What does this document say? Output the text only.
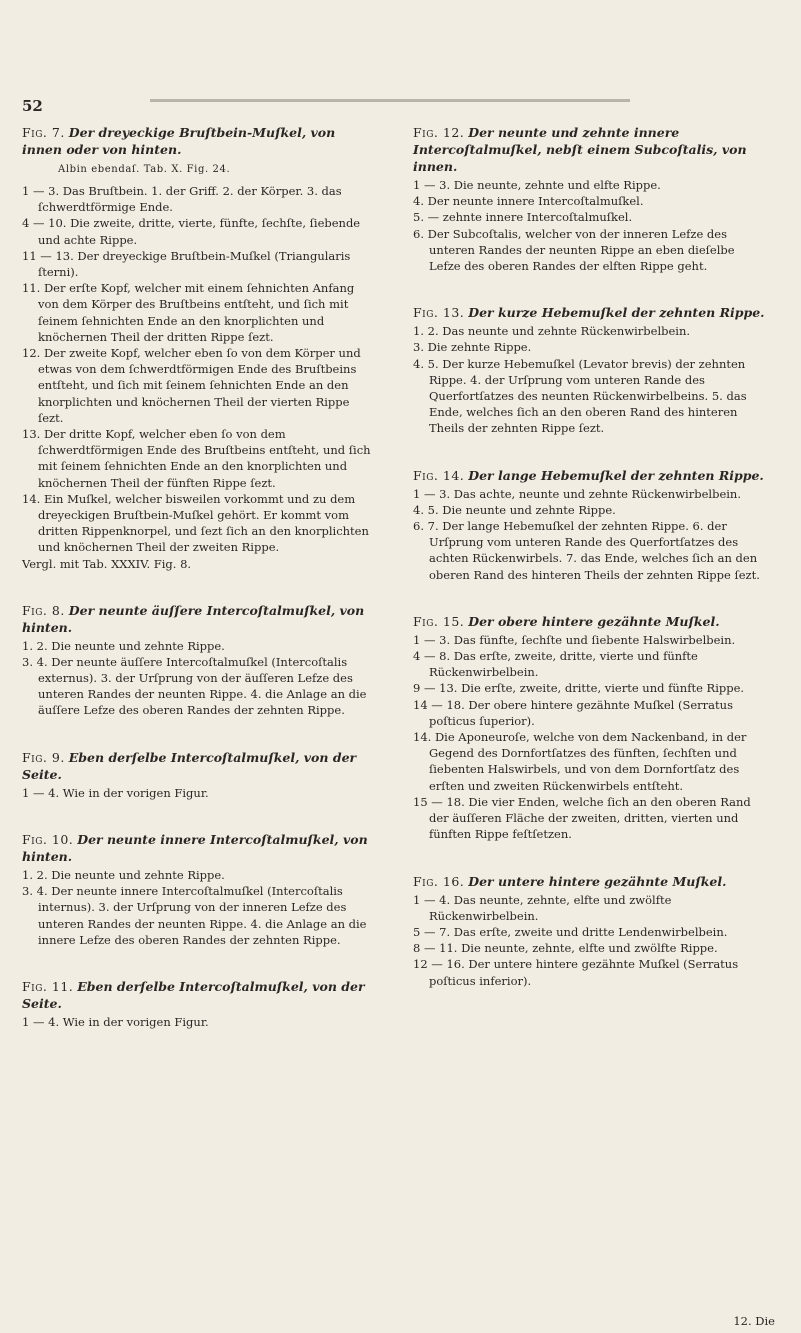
52

Fig. 7. Der dreyeckige Bruſtbein-Muſkel, von innen oder von hinten.

Albin ebendaſ. Tab. X. Fig. 24.

1 — 3. Das Bruſtbein. 1. der Griff. 2. der Körper. 3. das ſchwerdtförmige Ende.

4 — 10. Die zweite, dritte, vierte, fünfte, ſechſte, ſiebende und achte Rippe.

11 — 13. Der dreyeckige Bruſtbein-Muſkel (Triangularis ſterni).

11. Der erſte Kopf, welcher mit einem ſehnichten Anfang von dem Körper des Bruſtbeins entſteht, und ſich mit ſeinem ſehnichten Ende an den knorplichten und knöchernen Theil der dritten Rippe ſezt.

12. Der zweite Kopf, welcher eben ſo von dem Körper und etwas von dem ſchwerdtförmigen Ende des Bruſtbeins entſteht, und ſich mit ſeinem ſehnichten Ende an den knorplichten und knöchernen Theil der vierten Rippe ſezt.

13. Der dritte Kopf, welcher eben ſo von dem ſchwerdtförmigen Ende des Bruſtbeins entſteht, und ſich mit ſeinem ſehnichten Ende an den knorplichten und knöchernen Theil der fünften Rippe ſezt.

14. Ein Muſkel, welcher bisweilen vorkommt und zu dem dreyeckigen Bruſtbein-Muſkel gehört. Er kommt vom dritten Rippenknorpel, und ſezt ſich an den knorplichten und knöchernen Theil der zweiten Rippe.

Vergl. mit Tab. XXXIV. Fig. 8.

Fig. 8. Der neunte äuſſere Intercoſtalmuſkel, von hinten.

1. 2. Die neunte und zehnte Rippe.

3. 4. Der neunte äuſſere Intercoſtalmuſkel (Intercoſtalis externus). 3. der Urſprung von der äuſſeren Lefze des unteren Randes der neunten Rippe. 4. die Anlage an die äuſſere Lefze des oberen Randes der zehnten Rippe.

Fig. 9. Eben derſelbe Intercoſtalmuſkel, von der Seite.

1 — 4. Wie in der vorigen Figur.

Fig. 10. Der neunte innere Intercoſtalmuſkel, von hinten.

1. 2. Die neunte und zehnte Rippe.

3. 4. Der neunte innere Intercoſtalmuſkel (Intercoſtalis internus). 3. der Urſprung von der inneren Lefze des unteren Randes der neunten Rippe. 4. die Anlage an die innere Lefze des oberen Randes der zehnten Rippe.

Fig. 11. Eben derſelbe Intercoſtalmuſkel, von der Seite.

1 — 4. Wie in der vorigen Figur.

Fig. 12. Der neunte und zehnte innere Intercoſtalmuſkel, nebſt einem Subcoſtalis, von innen.

1 — 3. Die neunte, zehnte und elfte Rippe.

4. Der neunte innere Intercoſtalmuſkel.

5. — zehnte innere Intercoſtalmuſkel.

6. Der Subcoſtalis, welcher von der inneren Lefze des unteren Randes der neunten Rippe an eben dieſelbe Lefze des oberen Randes der elften Rippe geht.

Fig. 13. Der kurze Hebemuſkel der zehnten Rippe.

1. 2. Das neunte und zehnte Rückenwirbelbein.

3. Die zehnte Rippe.

4. 5. Der kurze Hebemuſkel (Levator brevis) der zehnten Rippe. 4. der Urſprung vom unteren Rande des Querfortſatzes des neunten Rückenwirbelbeins. 5. das Ende, welches ſich an den oberen Rand des hinteren Theils der zehnten Rippe ſezt.

Fig. 14. Der lange Hebemuſkel der zehnten Rippe.

1 — 3. Das achte, neunte und zehnte Rückenwirbelbein.

4. 5. Die neunte und zehnte Rippe.

6. 7. Der lange Hebemuſkel der zehnten Rippe. 6. der Urſprung vom unteren Rande des Querfortſatzes des achten Rückenwirbels. 7. das Ende, welches ſich an den oberen Rand des hinteren Theils der zehnten Rippe ſezt.

Fig. 15. Der obere hintere gezähnte Muſkel.

1 — 3. Das fünfte, ſechſte und ſiebente Halswirbelbein.

4 — 8. Das erſte, zweite, dritte, vierte und fünfte Rückenwirbelbein.

9 — 13. Die erſte, zweite, dritte, vierte und fünfte Rippe.

14 — 18. Der obere hintere gezähnte Muſkel (Serratus poſticus ſuperior).

14. Die Aponeuroſe, welche von dem Nackenband, in der Gegend des Dornfortſatzes des fünften, ſechſten und ſiebenten Halswirbels, und von dem Dornfortſatz des erſten und zweiten Rückenwirbels entſteht.

15 — 18. Die vier Enden, welche ſich an den oberen Rand der äuſſeren Fläche der zweiten, dritten, vierten und fünften Rippe feſtſetzen.

Fig. 16. Der untere hintere gezähnte Muſkel.

1 — 4. Das neunte, zehnte, elfte und zwölfte Rückenwirbelbein.

5 — 7. Das erſte, zweite und dritte Lendenwirbelbein.

8 — 11. Die neunte, zehnte, elfte und zwölfte Rippe.

12 — 16. Der untere hintere gezähnte Muſkel (Serratus poſticus inferior).

12. Die
